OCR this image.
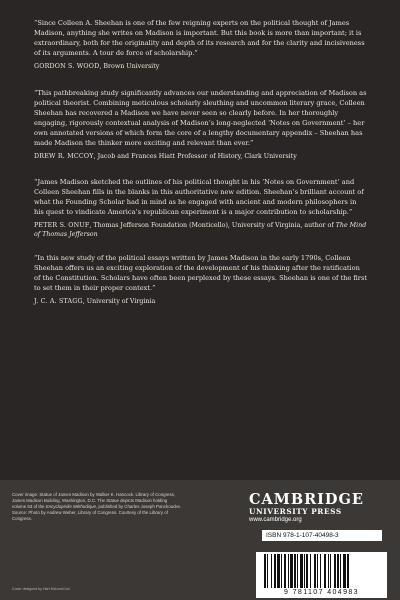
“Since Colleen A. Sheehan is one of the few reigning experts on the political thought of James Madison, anything she writes on Madison is important. But this book is more than important; it is extraordinary, both for the originality and depth of its research and for the clarity and incisiveness of its arguments. A tour de force of scholarship.”

GORDON S. WOOD, Brown University

“This pathbreaking study significantly advances our understanding and appreciation of Madison as political theorist. Combining meticulous scholarly sleuthing and uncommon literary grace, Colleen Sheehan has recovered a Madison we have never seen so clearly before. In her thoroughly engaging, rigorously contextual analysis of Madison’s long-neglected ‘Notes on Government’ – her own annotated versions of which form the core of a lengthy documentary appendix – Sheehan has made Madison the thinker more exciting and relevant than ever.”

DREW R. MCCOY, Jacob and Frances Hiatt Professor of History, Clark University

“James Madison sketched the outlines of his political thought in his ‘Notes on Government’ and Colleen Sheehan fills in the blanks in this authoritative new edition. Sheehan’s brilliant account of what the Founding Scholar had in mind as he engaged with ancient and modern philosophers in his quest to vindicate America’s republican experiment is a major contribution to scholarship.”

PETER S. ONUF, Thomas Jefferson Foundation (Monticello), University of Virginia, author of The Mind of Thomas Jefferson

“In this new study of the political essays written by James Madison in the early 1790s, Colleen Sheehan offers us an exciting exploration of the development of his thinking after the ratification of the Constitution. Scholars have often been perplexed by these essays. Sheehan is one of the first to set them in their proper context.”

J. C. A. STAGG, University of Virginia

Cover image: Statue of James Madison by Walker K. Hancock. Library of Congress, James Madison Building, Washington, D.C. The Statue depicts Madison holding volume 83 of the Encyclopédie Méthodique, published by Charles Joseph Panckoucke.

Source: Photo by Andrew Weber, Library of Congress. Courtesy of the Library of Congress.

Cover designed by Hart McLeod Ltd
CAMBRIDGE
UNIVERSITY PRESS
www.cambridge.org
ISBN 978-1-107-40498-3
9 781107 404983
